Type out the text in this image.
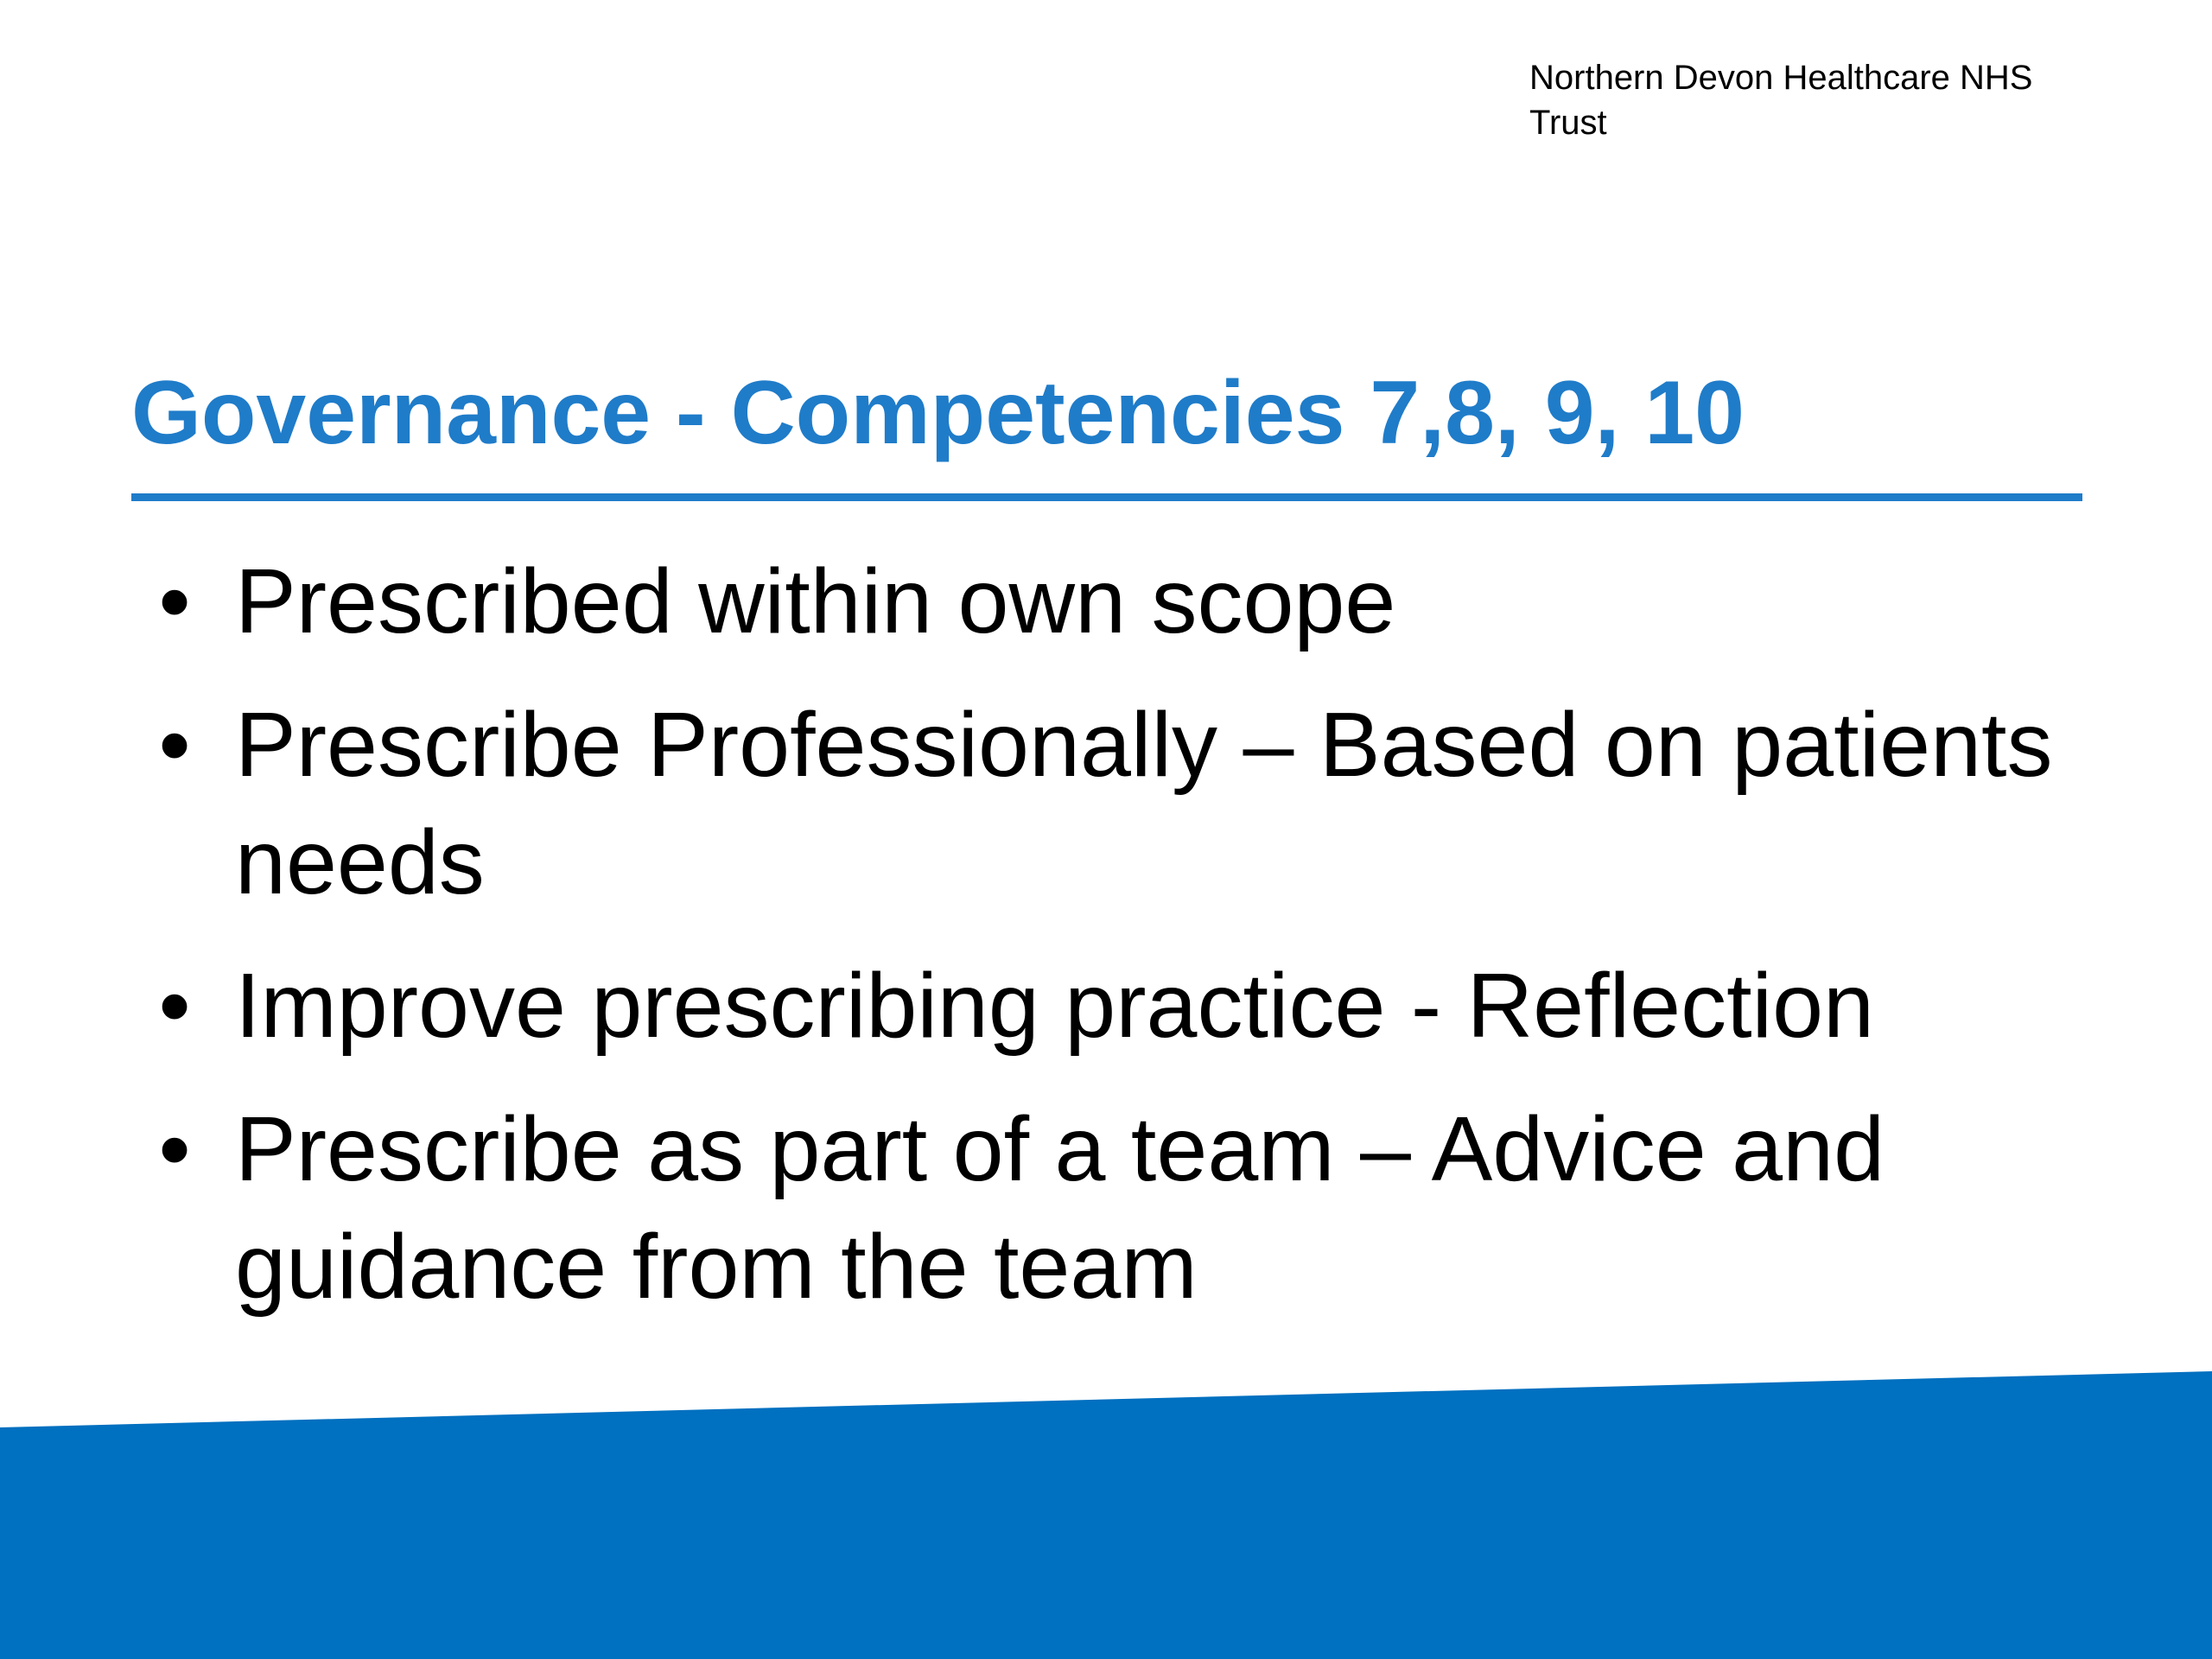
Northern Devon Healthcare NHS Trust
Governance - Competencies 7,8, 9, 10
• Prescribed within own scope
• Prescribe Professionally – Based on patients needs
• Improve prescribing practice - Reflection
• Prescribe as part of a team – Advice and guidance from the team
